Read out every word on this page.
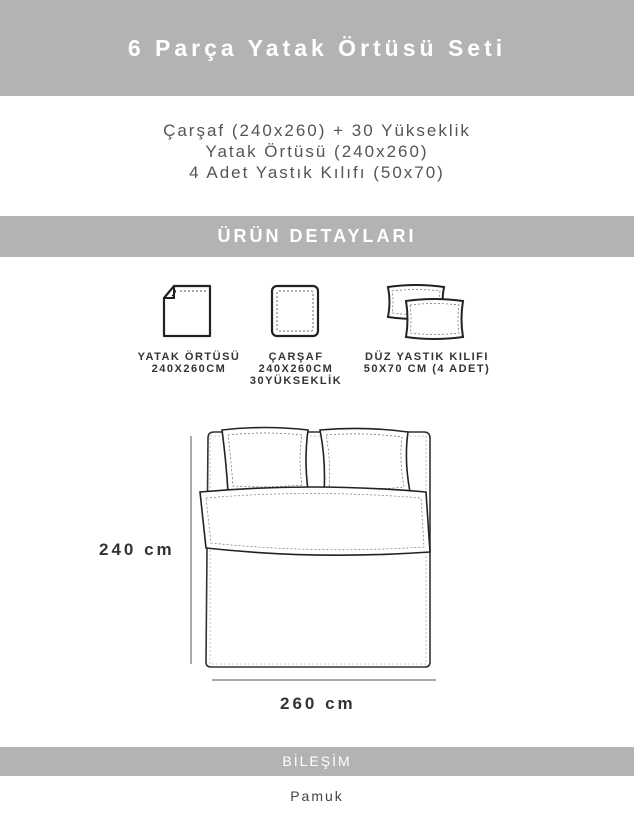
6 Parça Yatak Örtüsü Seti
Çarşaf (240x260) + 30 Yükseklik
Yatak Örtüsü (240x260)
4 Adet Yastık Kılıfı (50x70)
ÜRÜN DETAYLARI
YATAK ÖRTÜSÜ
240X260CM
ÇARŞAF
240X260CM
30YÜKSEKLİK
DÜZ YASTIK KILIFI
50X70 CM (4 ADET)
240 cm
260 cm
BİLEŞİM
Pamuk
